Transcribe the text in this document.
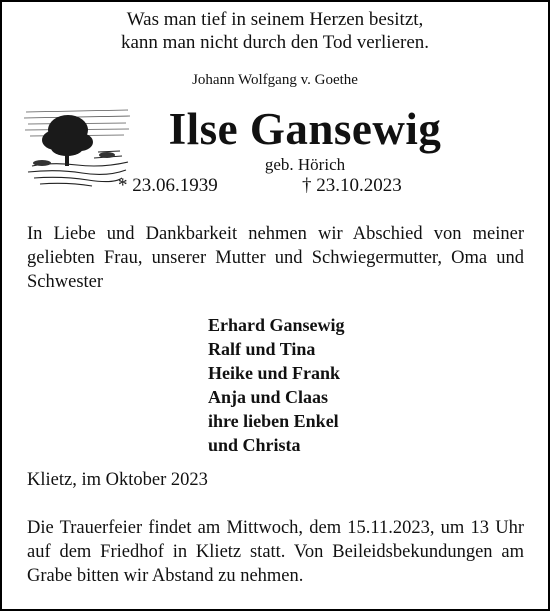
Was man tief in seinem Herzen besitzt,
kann man nicht durch den Tod verlieren.
Johann Wolfgang v. Goethe
Ilse Gansewig
geb. Hörich
* 23.06.1939	† 23.10.2023
In Liebe und Dankbarkeit nehmen wir Abschied von meiner geliebten Frau, unserer Mutter und Schwiegermutter, Oma und Schwester
Erhard Gansewig
Ralf und Tina
Heike und Frank
Anja und Claas
ihre lieben Enkel
und Christa
Klietz, im Oktober 2023
Die Trauerfeier findet am Mittwoch, dem 15.11.2023, um 13 Uhr auf dem Friedhof in Klietz statt. Von Beileidsbekundungen am Grabe bitten wir Abstand zu nehmen.
